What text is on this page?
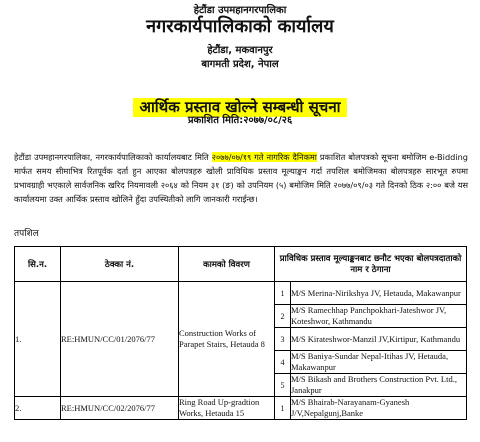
हेटौंडा उपमहानगरपालिका
नगरकार्यपालिकाको कार्यालय
हेटौंडा, मकवानपुर
बागमती प्रदेश, नेपाल
आर्थिक प्रस्ताव खोल्ने सम्बन्धी सूचना
प्रकाशित मिति:२०७७/०८/२६

हेटौंडा उपमहानगरपालिका, नगरकार्यपालिकाको कार्यालयबाट मिति २०७७/०७/१९ गते नागरिक दैनिकमा प्रकाशित बोलपत्रको सूचना बमोजिम e-Bidding मार्फत समय सीमाभित्र रितपूर्वक दर्ता हुन आएका बोलपत्रहरु खोली प्राविधिक प्रस्ताव मूल्याङ्कन गर्दा तपशिल बमोजिमका बोलपत्रहरु सारभूत रुपमा प्रभावग्राही भएकाले सार्वजनिक खरिद नियमावली २०६४ को नियम ३१ (ङ) को उपनियम (५) बमोजिम मिति २०७७/०९/०३ गते दिनको ठिक २:०० बजे यस कार्यालयमा उक्त आर्थिक प्रस्ताव खोलिने हुँदा उपस्थितीको लागि जानकारी गराईन्छ।

तपशिल
सि.न.	ठेक्का नं.	कामको विवरण	प्राविधिक प्रस्ताव मूल्याङ्कनबाट छनौट भएका बोलपत्रदाताको नाम र ठेगाना	
1.	RE:HMUN/CC/01/2076/77	Construction Works of Parapet Stairs, Hetauda 8	1	M/S Merina-Nirikshya JV, Hetauda, Makawanpur
			2	M/S Ramechhap Panchpokhari-Jateshwor JV, Koteshwor, Kathmandu
			3	M/S Kirateshwor-Manzil JV,Kirtipur, Kathmandu
			4	M/S Baniya-Sundar Nepal-Itihas JV, Hetauda, Makawanpur
			5	M/S Bikash and Brothers Construction Pvt. Ltd., Janakpur
2.	RE:HMUN/CC/02/2076/77	Ring Road Up-gradtion Works, Hetauda 15	1	M/S Bhairab-Narayanam-Gyanesh J/V,Nepalgunj,Banke
